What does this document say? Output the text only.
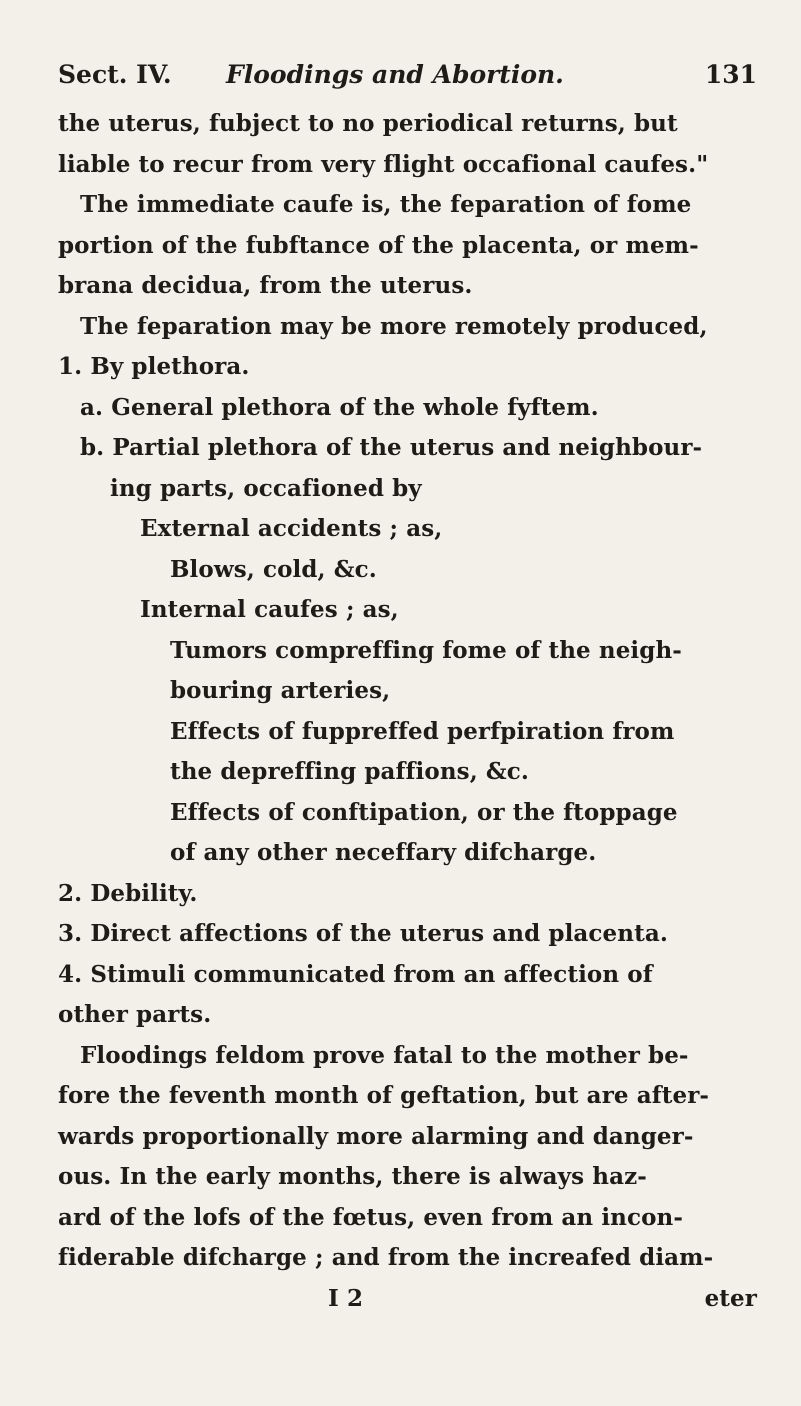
Sect. IV. Floodings and Abortion.	131
the uterus, fubject to no periodical returns, but
liable to recur from very flight occafional caufes."
The immediate caufe is, the feparation of fome
portion of the fubftance of the placenta, or mem-
brana decidua, from the uterus.
The feparation may be more remotely produced,
1. By plethora.
a. General plethora of the whole fyftem.
b. Partial plethora of the uterus and neighbour-
ing parts, occafioned by
External accidents ; as,
Blows, cold, &c.
Internal caufes ; as,
Tumors compreffing fome of the neigh-
bouring arteries,
Effects of fuppreffed perfpiration from
the depreffing paffions, &c.
Effects of conftipation, or the ftoppage
of any other neceffary difcharge.
2. Debility.
3. Direct affections of the uterus and placenta.
4. Stimuli communicated from an affection of
other parts.
Floodings feldom prove fatal to the mother be-
fore the feventh month of geftation, but are after-
wards proportionally more alarming and danger-
ous. In the early months, there is always haz-
ard of the lofs of the fœtus, even from an incon-
fiderable difcharge ; and from the increafed diam-
I 2	eter
